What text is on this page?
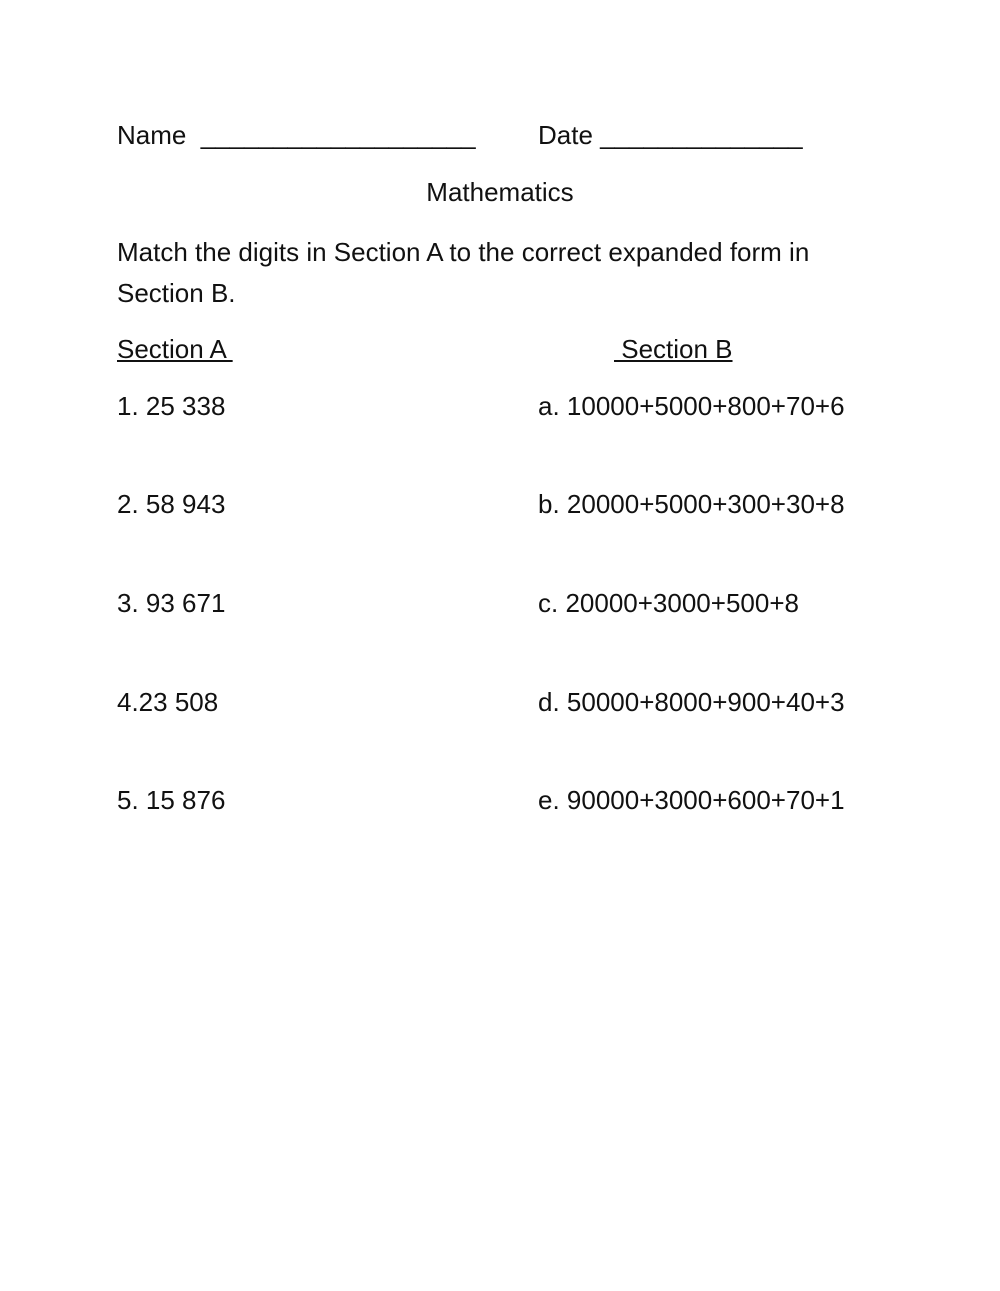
Name  ___________________ Date ______________
Mathematics
Match the digits in Section A to the correct expanded form in Section B.
Section A	Section B
1. 25 338
2. 58 943
3. 93 671
4.23 508
5. 15 876
a. 10000+5000+800+70+6
b. 20000+5000+300+30+8
c. 20000+3000+500+8
d. 50000+8000+900+40+3
e. 90000+3000+600+70+1
